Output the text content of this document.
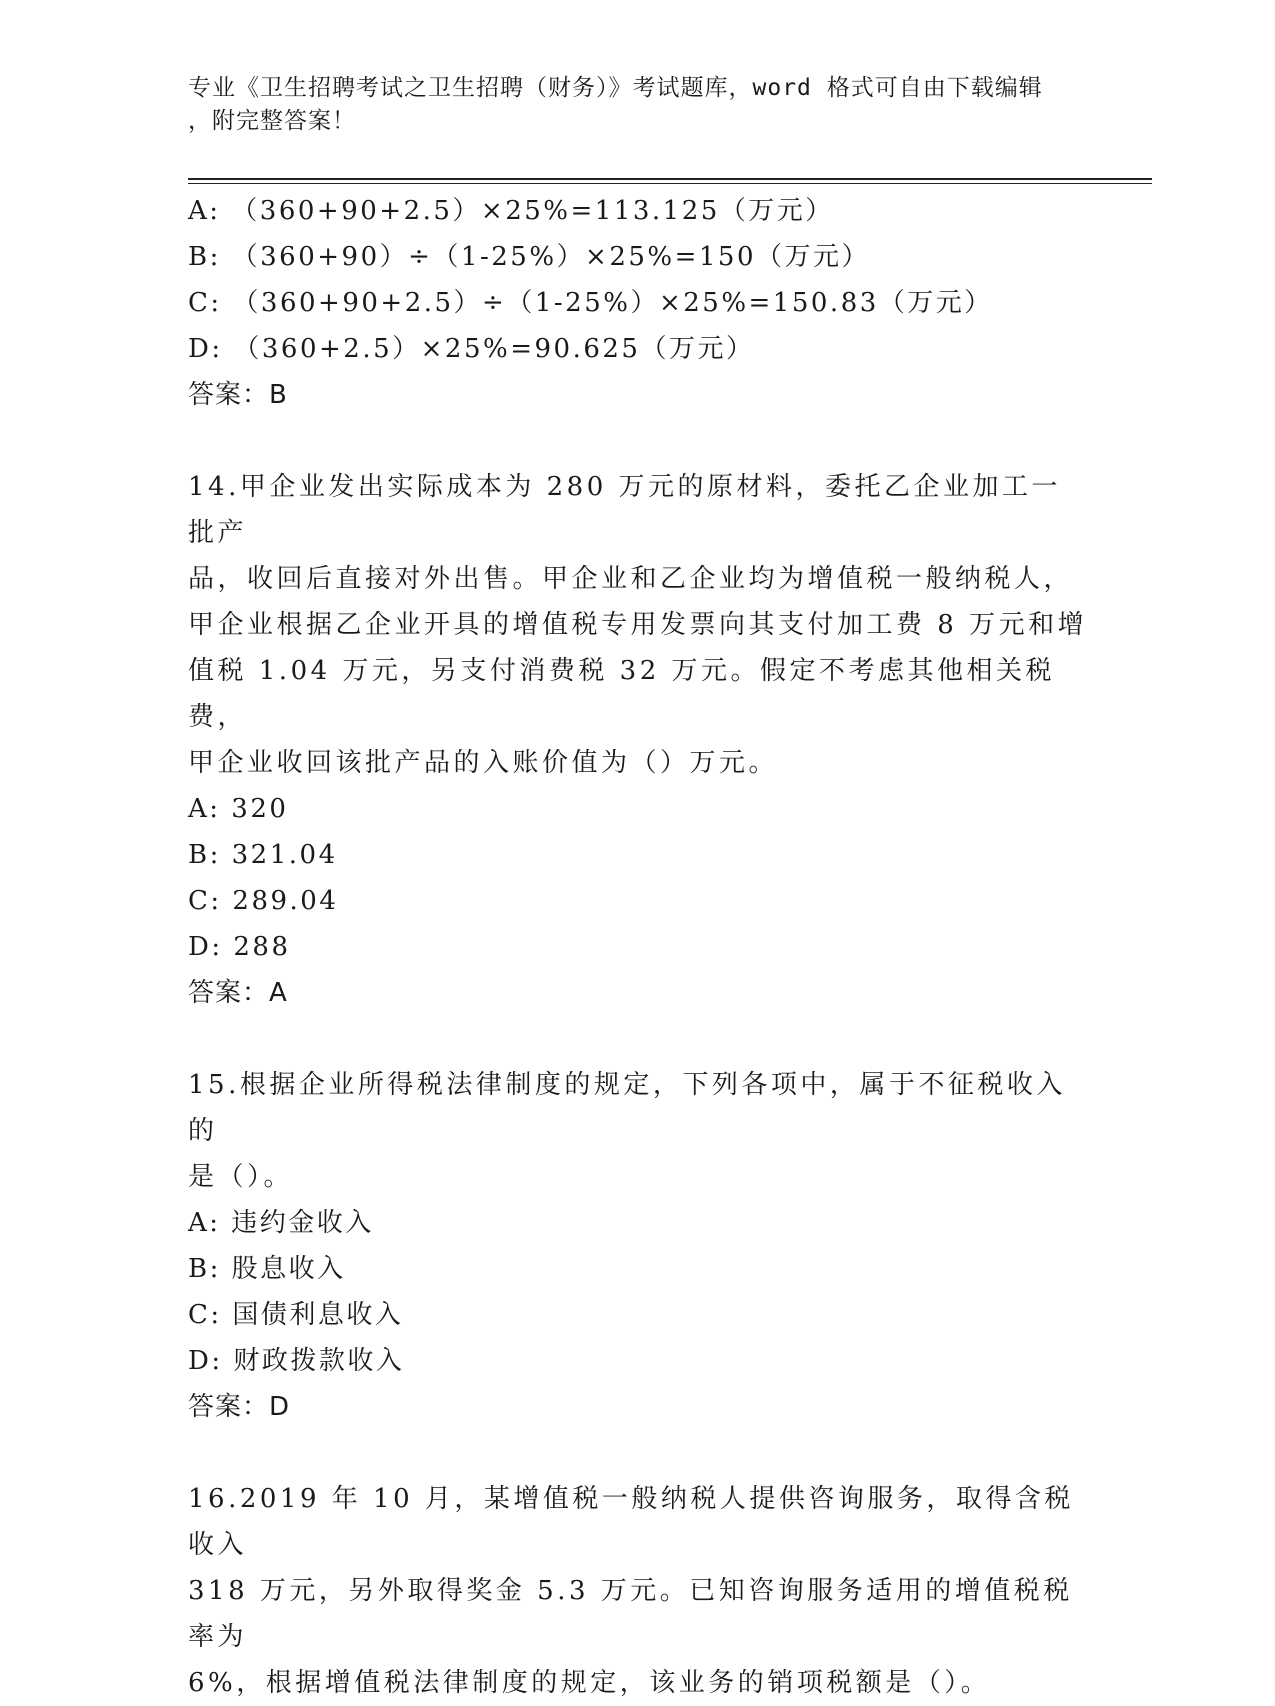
专业《卫生招聘考试之卫生招聘（财务）》考试题库，word 格式可自由下载编辑
，附完整答案！
A: （360+90+2.5）×25%=113.125（万元）
B: （360+90）÷（1-25%）×25%=150（万元）
C: （360+90+2.5）÷（1-25%）×25%=150.83（万元）
D: （360+2.5）×25%=90.625（万元）
答案：B
14.甲企业发出实际成本为 280 万元的原材料，委托乙企业加工一批产
品，收回后直接对外出售。甲企业和乙企业均为增值税一般纳税人，
甲企业根据乙企业开具的增值税专用发票向其支付加工费 8 万元和增
值税 1.04 万元，另支付消费税 32 万元。假定不考虑其他相关税费，
甲企业收回该批产品的入账价值为（）万元。
A: 320
B: 321.04
C: 289.04
D: 288
答案：A
15.根据企业所得税法律制度的规定，下列各项中，属于不征税收入的
是（）。
A: 违约金收入
B: 股息收入
C: 国债利息收入
D: 财政拨款收入
答案：D
16.2019 年 10 月，某增值税一般纳税人提供咨询服务，取得含税收入
318 万元，另外取得奖金 5.3 万元。已知咨询服务适用的增值税税率为
6%，根据增值税法律制度的规定，该业务的销项税额是（）。
